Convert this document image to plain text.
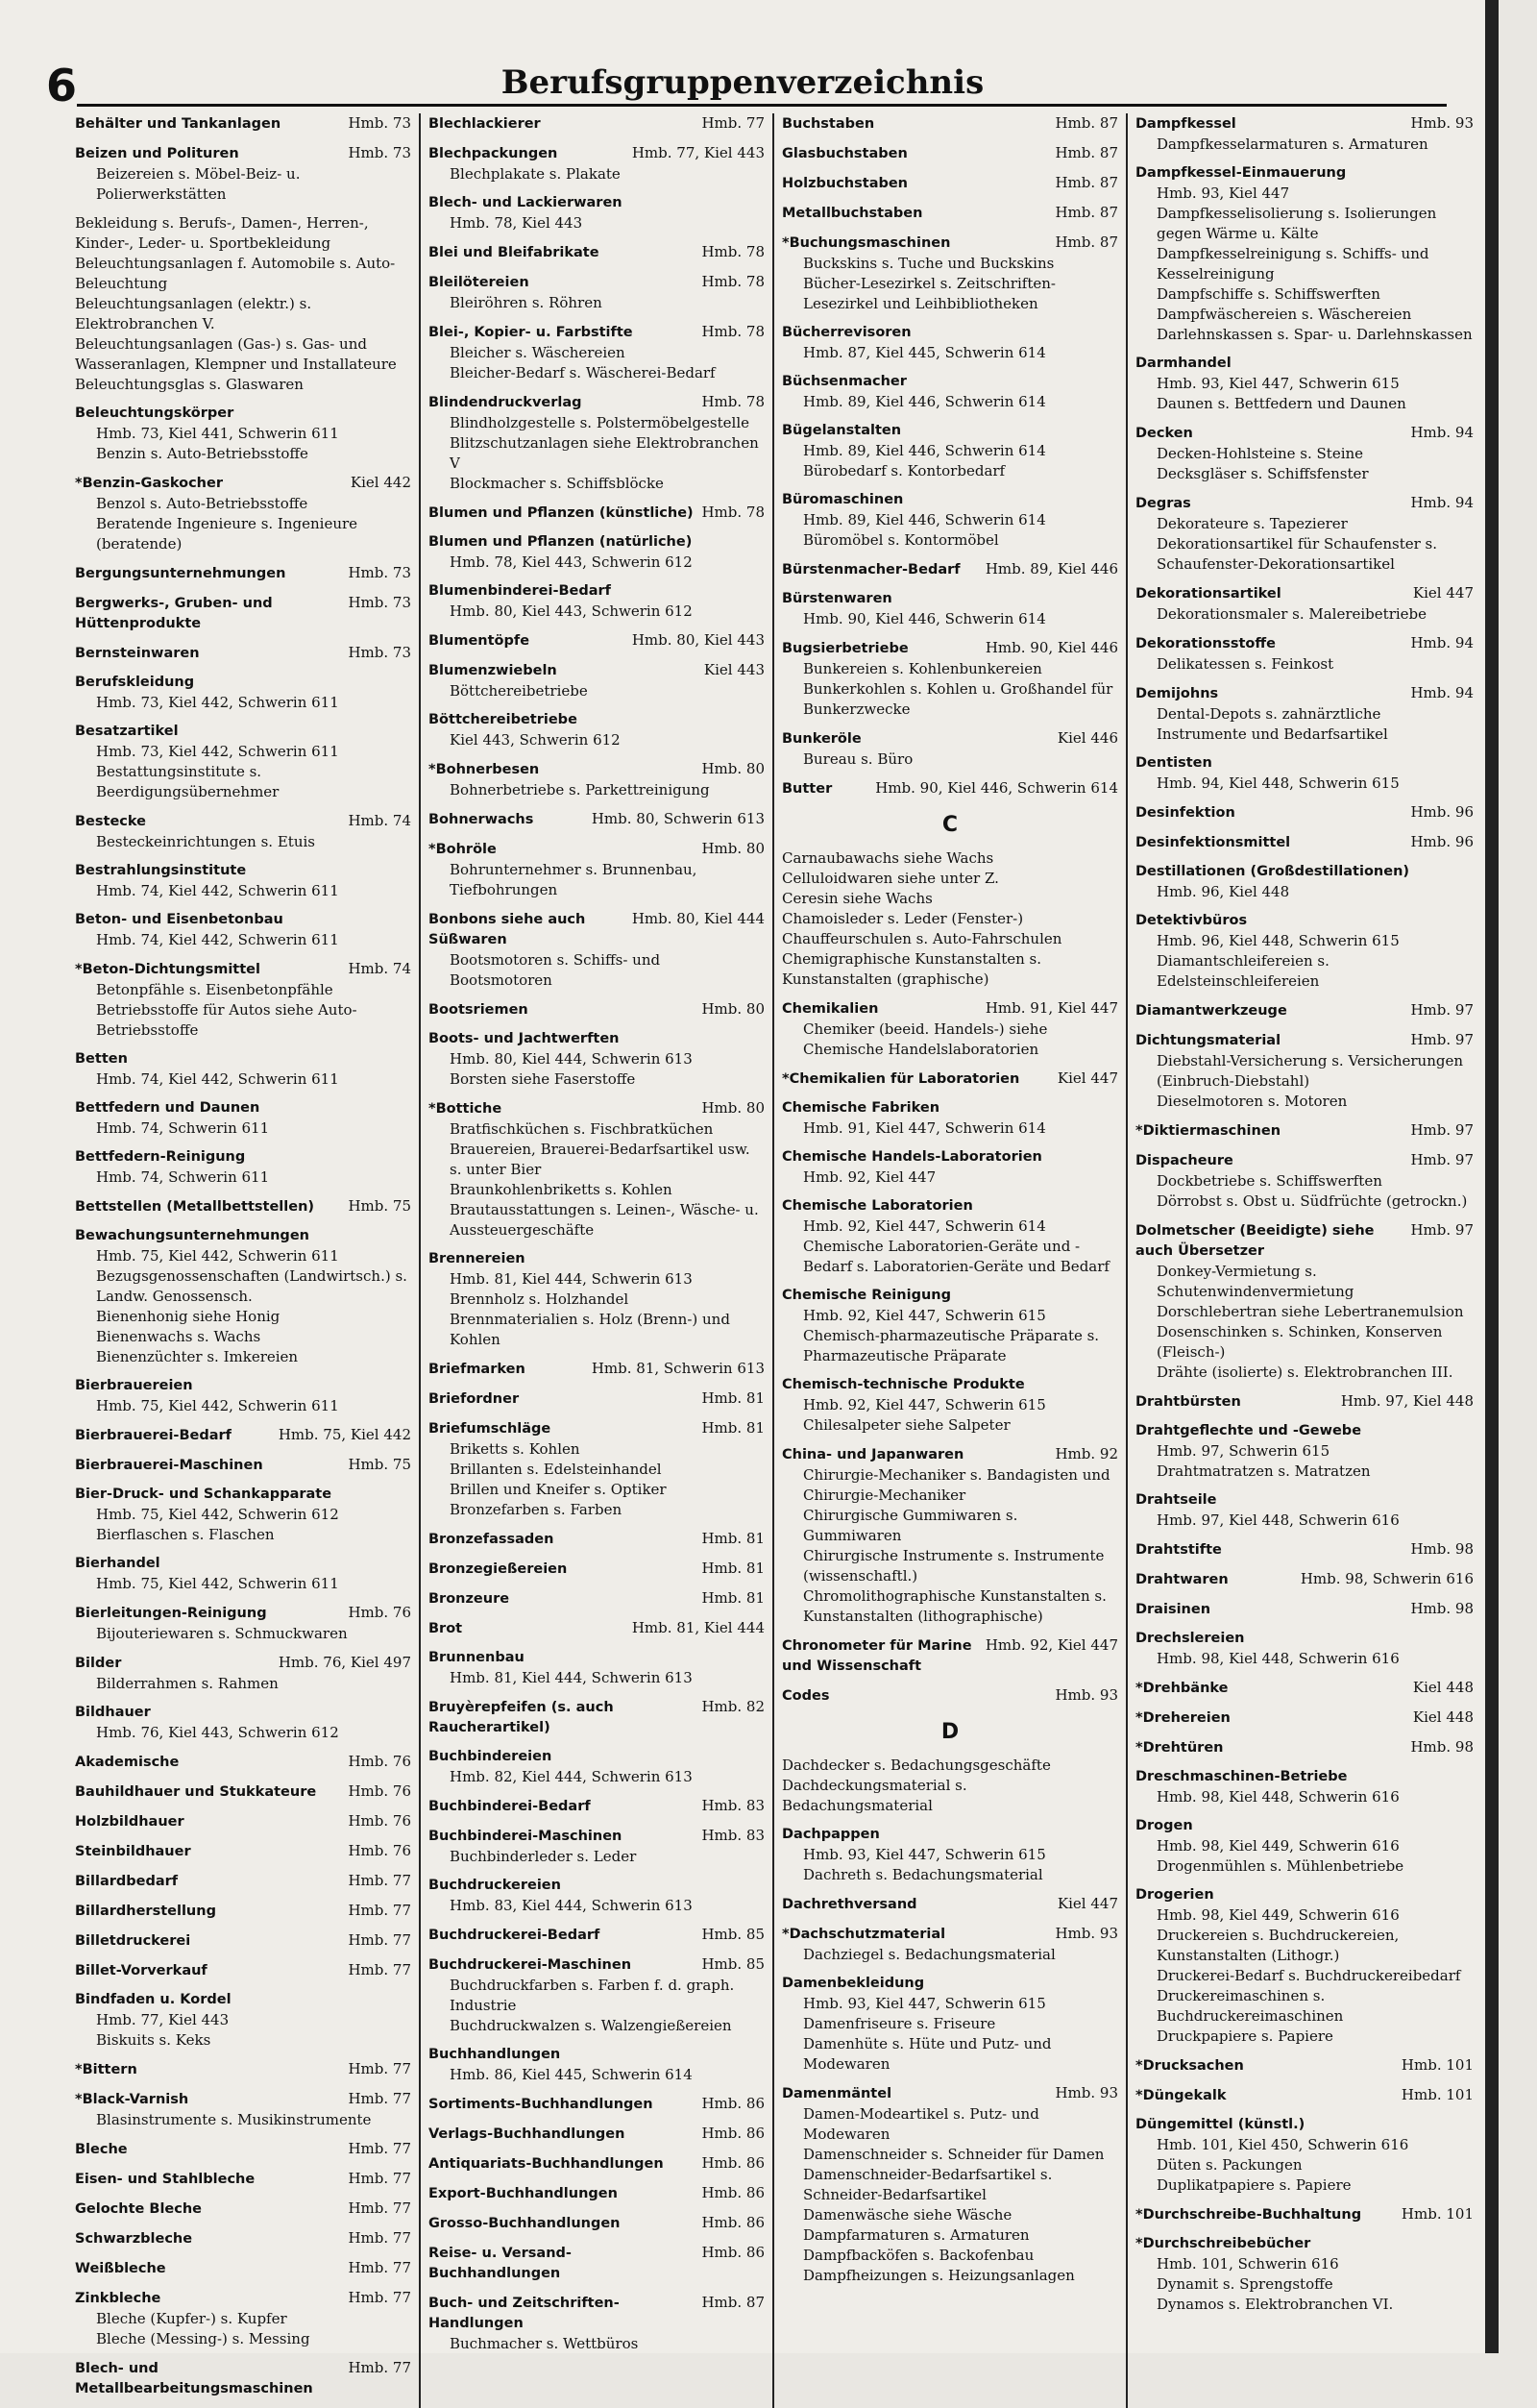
6	Berufsgruppenverzeichnis
Behälter und Tankanlagen	Hmb. 73
Beizen und Polituren	Hmb. 73
Beizereien s. Möbel-Beiz- u. Polierwerkstätten
Bekleidung s. Berufs-, Damen-, Herren-, Kinder-, Leder- u. Sportbekleidung
Beleuchtungsanlagen f. Automobile s. Auto-Beleuchtung
Beleuchtungsanlagen (elektr.) s. Elektrobranchen V.
Beleuchtungsanlagen (Gas-) s. Gas- und Wasseranlagen, Klempner und Installateure
Beleuchtungsglas s. Glaswaren
Beleuchtungskörper
Hmb. 73, Kiel 441, Schwerin 611
Benzin s. Auto-Betriebsstoffe
*Benzin-Gaskocher	Kiel 442
Benzol s. Auto-Betriebsstoffe
Beratende Ingenieure s. Ingenieure (beratende)
Bergungsunternehmungen	Hmb. 73
Bergwerks-, Gruben- und Hüttenprodukte
Hmb. 73
Bernsteinwaren	Hmb. 73
Berufskleidung
Hmb. 73, Kiel 442, Schwerin 611
Besatzartikel
Hmb. 73, Kiel 442, Schwerin 611
Bestattungsinstitute s. Beerdigungsübernehmer
Bestecke	Hmb. 74
Besteckeinrichtungen s. Etuis
Bestrahlungsinstitute
Hmb. 74, Kiel 442, Schwerin 611
Beton- und Eisenbetonbau
Hmb. 74, Kiel 442, Schwerin 611
*Beton-Dichtungsmittel	Hmb. 74
Betonpfähle s. Eisenbetonpfähle
Betriebsstoffe für Autos siehe Auto-Betriebsstoffe
Betten
Hmb. 74, Kiel 442, Schwerin 611
Bettfedern und Daunen
Hmb. 74, Schwerin 611
Bettfedern-Reinigung
Hmb. 74, Schwerin 611
Bettstellen (Metallbettstellen) Hmb. 75
Bewachungsunternehmungen
Hmb. 75, Kiel 442, Schwerin 611
Bezugsgenossenschaften (Landwirtsch.) s. Landw. Genossensch.
Bienenhonig siehe Honig
Bienenwachs s. Wachs
Bienenzüchter s. Imkereien
Bierbrauereien
Hmb. 75, Kiel 442, Schwerin 611
Bierbrauerei-Bedarf	Hmb. 75, Kiel 442
Bierbrauerei-Maschinen	Hmb. 75
Bier-Druck- und Schankapparate
Hmb. 75, Kiel 442, Schwerin 612
Bierflaschen s. Flaschen
Bierhandel
Hmb. 75, Kiel 442, Schwerin 611
Bierleitungen-Reinigung	Hmb. 76
Bijouteriewaren s. Schmuckwaren
Bilder	Hmb. 76, Kiel 497
Bilderrahmen s. Rahmen
Bildhauer
Hmb. 76, Kiel 443, Schwerin 612
Akademische	Hmb. 76
Bauhildhauer und Stukkateure Hmb. 76
Holzbildhauer	Hmb. 76
Steinbildhauer	Hmb. 76
Billardbedarf	Hmb. 77
Billardherstellung	Hmb. 77
Billetdruckerei	Hmb. 77
Billet-Vorverkauf	Hmb. 77
Bindfaden u. Kordel
Hmb. 77, Kiel 443
Biskuits s. Keks
*Bittern	Hmb. 77
*Black-Varnish	Hmb. 77
Blasinstrumente s. Musikinstrumente
Bleche	Hmb. 77
Eisen- und Stahlbleche	Hmb. 77
Gelochte Bleche	Hmb. 77
Schwarzbleche	Hmb. 77
Weißbleche	Hmb. 77
Zinkbleche	Hmb. 77
Bleche (Kupfer-) s. Kupfer
Bleche (Messing-) s. Messing
Blech- und Metallbearbeitungsmaschinen
Hmb. 77
Blechlackierer	Hmb. 77
Blechpackungen	Hmb. 77, Kiel 443
Blechplakate s. Plakate
Blech- und Lackierwaren
Hmb. 78, Kiel 443
Blei und Bleifabrikate	Hmb. 78
Bleilötereien	Hmb. 78
Bleiröhren s. Röhren
Blei-, Kopier- u. Farbstifte	Hmb. 78
Bleicher s. Wäschereien
Bleicher-Bedarf s. Wäscherei-Bedarf
Blindendruckverlag	Hmb. 78
Blindholzgestelle s. Polstermöbelgestelle
Blitzschutzanlagen siehe Elektrobranchen V
Blockmacher s. Schiffsblöcke
Blumen und Pflanzen (künstliche) Hmb. 78
Blumen und Pflanzen (natürliche)
Hmb. 78, Kiel 443, Schwerin 612
Blumenbinderei-Bedarf
Hmb. 80, Kiel 443, Schwerin 612
Blumentöpfe	Hmb. 80, Kiel 443
Blumenzwiebeln	Kiel 443
Böttchereibetriebe
Böttchereibetriebe
Kiel 443, Schwerin 612
*Bohnerbesen	Hmb. 80
Bohnerbetriebe s. Parkettreinigung
Bohnerwachs	Hmb. 80, Schwerin 613
*Bohröle	Hmb. 80
Bohrunternehmer s. Brunnenbau, Tiefbohrungen
Bonbons siehe auch Süßwaren
Hmb. 80, Kiel 444
Bootsmotoren s. Schiffs- und Bootsmotoren
Bootsriemen	Hmb. 80
Boots- und Jachtwerften
Hmb. 80, Kiel 444, Schwerin 613
Borsten siehe Faserstoffe
*Bottiche	Hmb. 80
Bratfischküchen s. Fischbratküchen
Brauereien, Brauerei-Bedarfsartikel usw. s. unter Bier
Braunkohlenbriketts s. Kohlen
Brautausstattungen s. Leinen-, Wäsche- u. Aussteuergeschäfte
Brennereien
Hmb. 81, Kiel 444, Schwerin 613
Brennholz s. Holzhandel
Brennmaterialien s. Holz (Brenn-) und Kohlen
Briefmarken	Hmb. 81, Schwerin 613
Briefordner	Hmb. 81
Briefumschläge	Hmb. 81
Briketts s. Kohlen
Brillanten s. Edelsteinhandel
Brillen und Kneifer s. Optiker
Bronzefarben s. Farben
Bronzefassaden	Hmb. 81
Bronzegießereien	Hmb. 81
Bronzeure	Hmb. 81
Brot	Hmb. 81, Kiel 444
Brunnenbau
Hmb. 81, Kiel 444, Schwerin 613
Bruyèrepfeifen (s. auch Raucherartikel)
Hmb. 82
Buchbindereien
Hmb. 82, Kiel 444, Schwerin 613
Buchbinderei-Bedarf	Hmb. 83
Buchbinderei-Maschinen	Hmb. 83
Buchbinderleder s. Leder
Buchdruckereien
Hmb. 83, Kiel 444, Schwerin 613
Buchdruckerei-Bedarf	Hmb. 85
Buchdruckerei-Maschinen	Hmb. 85
Buchdruckfarben s. Farben f. d. graph. Industrie
Buchdruckwalzen s. Walzengießereien
Buchhandlungen
Hmb. 86, Kiel 445, Schwerin 614
Sortiments-Buchhandlungen	Hmb. 86
Verlags-Buchhandlungen	Hmb. 86
Antiquariats-Buchhandlungen	Hmb. 86
Export-Buchhandlungen	Hmb. 86
Grosso-Buchhandlungen	Hmb. 86
Reise- u. Versand-Buchhandlungen
Hmb. 86
Buch- und Zeitschriften-Handlungen
Hmb. 87
Buchmacher s. Wettbüros
Buchstaben	Hmb. 87
Glasbuchstaben	Hmb. 87
Holzbuchstaben	Hmb. 87
Metallbuchstaben	Hmb. 87
*Buchungsmaschinen	Hmb. 87
Buckskins s. Tuche und Buckskins
Bücher-Lesezirkel s. Zeitschriften-Lesezirkel und Leihbibliotheken
Bücherrevisoren
Hmb. 87, Kiel 445, Schwerin 614
Büchsenmacher
Hmb. 89, Kiel 446, Schwerin 614
Bügelanstalten
Hmb. 89, Kiel 446, Schwerin 614
Bürobedarf s. Kontorbedarf
Büromaschinen
Hmb. 89, Kiel 446, Schwerin 614
Büromöbel s. Kontormöbel
Bürstenmacher-Bedarf Hmb. 89, Kiel 446
Bürstenwaren
Hmb. 90, Kiel 446, Schwerin 614
Bugsierbetriebe	Hmb. 90, Kiel 446
Bunkereien s. Kohlenbunkereien
Bunkerkohlen s. Kohlen u. Großhandel für Bunkerzwecke
Bunkeröle	Kiel 446
Bureau s. Büro
Butter	Hmb. 90, Kiel 446, Schwerin 614
C
Carnaubawachs siehe Wachs
Celluloidwaren siehe unter Z.
Ceresin siehe Wachs
Chamoisleder s. Leder (Fenster-)
Chauffeurschulen s. Auto-Fahrschulen
Chemigraphische Kunstanstalten s. Kunstanstalten (graphische)
Chemikalien	Hmb. 91, Kiel 447
Chemiker (beeid. Handels-) siehe Chemische Handelslaboratorien
*Chemikalien für Laboratorien	Kiel 447
Chemische Fabriken
Hmb. 91, Kiel 447, Schwerin 614
Chemische Handels-Laboratorien
Hmb. 92, Kiel 447
Chemische Laboratorien
Hmb. 92, Kiel 447, Schwerin 614
Chemische Laboratorien-Geräte und -Bedarf s. Laboratorien-Geräte und Bedarf
Chemische Reinigung
Hmb. 92, Kiel 447, Schwerin 615
Chemisch-pharmazeutische Präparate s. Pharmazeutische Präparate
Chemisch-technische Produkte
Hmb. 92, Kiel 447, Schwerin 615
Chilesalpeter siehe Salpeter
China- und Japanwaren	Hmb. 92
Chirurgie-Mechaniker s. Bandagisten und Chirurgie-Mechaniker
Chirurgische Gummiwaren s. Gummiwaren
Chirurgische Instrumente s. Instrumente (wissenschaftl.)
Chromolithographische Kunstanstalten s. Kunstanstalten (lithographische)
Chronometer für Marine und Wissenschaft
Hmb. 92, Kiel 447
Codes	Hmb. 93
D
Dachdecker s. Bedachungsgeschäfte
Dachdeckungsmaterial s. Bedachungsmaterial
Dachpappen
Hmb. 93, Kiel 447, Schwerin 615
Dachreth s. Bedachungsmaterial
Dachrethversand	Kiel 447
*Dachschutzmaterial	Hmb. 93
Dachziegel s. Bedachungsmaterial
Damenbekleidung
Hmb. 93, Kiel 447, Schwerin 615
Damenfriseure s. Friseure
Damenhüte s. Hüte und Putz- und Modewaren
Damenmäntel	Hmb. 93
Damen-Modeartikel s. Putz- und Modewaren
Damenschneider s. Schneider für Damen
Damenschneider-Bedarfsartikel s. Schneider-Bedarfsartikel
Damenwäsche siehe Wäsche
Dampfarmaturen s. Armaturen
Dampfbacköfen s. Backofenbau
Dampfheizungen s. Heizungsanlagen
Dampfkessel	Hmb. 93
Dampfkesselarmaturen s. Armaturen
Dampfkessel-Einmauerung
Hmb. 93, Kiel 447
Dampfkesselisolierung s. Isolierungen gegen Wärme u. Kälte
Dampfkesselreinigung s. Schiffs- und Kesselreinigung
Dampfschiffe s. Schiffswerften
Dampfwäschereien s. Wäschereien
Darlehnskassen s. Spar- u. Darlehnskassen
Darmhandel
Hmb. 93, Kiel 447, Schwerin 615
Daunen s. Bettfedern und Daunen
Decken	Hmb. 94
Decken-Hohlsteine s. Steine
Decksgläser s. Schiffsfenster
Degras	Hmb. 94
Dekorateure s. Tapezierer
Dekorationsartikel für Schaufenster s. Schaufenster-Dekorationsartikel
Dekorationsartikel	Kiel 447
Dekorationsmaler s. Malereibetriebe
Dekorationsstoffe	Hmb. 94
Delikatessen s. Feinkost
Demijohns	Hmb. 94
Dental-Depots s. zahnärztliche Instrumente und Bedarfsartikel
Dentisten
Hmb. 94, Kiel 448, Schwerin 615
Desinfektion	Hmb. 96
Desinfektionsmittel	Hmb. 96
Destillationen (Großdestillationen)
Hmb. 96, Kiel 448
Detektivbüros
Hmb. 96, Kiel 448, Schwerin 615
Diamantschleifereien s. Edelsteinschleifereien
Diamantwerkzeuge	Hmb. 97
Dichtungsmaterial	Hmb. 97
Diebstahl-Versicherung s. Versicherungen (Einbruch-Diebstahl)
Dieselmotoren s. Motoren
*Diktiermaschinen	Hmb. 97
Dispacheure	Hmb. 97
Dockbetriebe s. Schiffswerften
Dörrobst s. Obst u. Südfrüchte (getrockn.)
Dolmetscher (Beeidigte) siehe auch Übersetzer
Hmb. 97
Donkey-Vermietung s. Schutenwindenvermietung
Dorschlebertran siehe Lebertranemulsion
Dosenschinken s. Schinken, Konserven (Fleisch-)
Drähte (isolierte) s. Elektrobranchen III.
Drahtbürsten	Hmb. 97, Kiel 448
Drahtgeflechte und -Gewebe
Hmb. 97, Schwerin 615
Drahtmatratzen s. Matratzen
Drahtseile
Hmb. 97, Kiel 448, Schwerin 616
Drahtstifte	Hmb. 98
Drahtwaren	Hmb. 98, Schwerin 616
Draisinen	Hmb. 98
Drechslereien
Hmb. 98, Kiel 448, Schwerin 616
*Drehbänke	Kiel 448
*Drehereien	Kiel 448
*Drehtüren	Hmb. 98
Dreschmaschinen-Betriebe
Hmb. 98, Kiel 448, Schwerin 616
Drogen
Hmb. 98, Kiel 449, Schwerin 616
Drogenmühlen s. Mühlenbetriebe
Drogerien
Hmb. 98, Kiel 449, Schwerin 616
Druckereien s. Buchdruckereien, Kunstanstalten (Lithogr.)
Druckerei-Bedarf s. Buchdruckereibedarf
Druckereimaschinen s. Buchdruckereimaschinen
Druckpapiere s. Papiere
*Drucksachen	Hmb. 101
*Düngekalk	Hmb. 101
Düngemittel (künstl.)
Hmb. 101, Kiel 450, Schwerin 616
Düten s. Packungen
Duplikatpapiere s. Papiere
*Durchschreibe-Buchhaltung	Hmb. 101
*Durchschreibebücher
Hmb. 101, Schwerin 616
Dynamit s. Sprengstoffe
Dynamos s. Elektrobranchen VI.
